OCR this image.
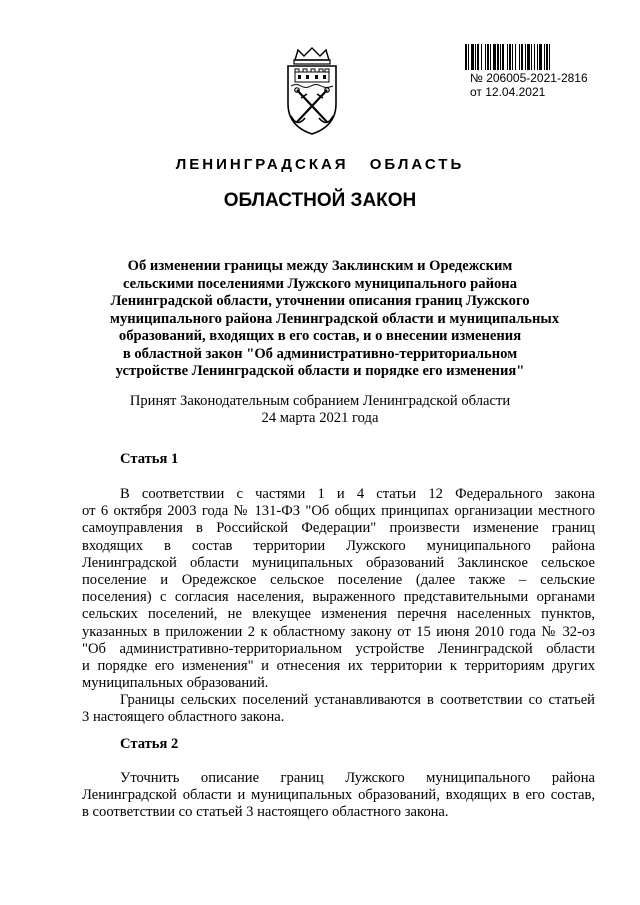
№ 206005-2021-2816
от 12.04.2021
ЛЕНИНГРАДСКАЯ ОБЛАСТЬ
ОБЛАСТНОЙ ЗАКОН
Об изменении границы между Заклинским и Оредежским
сельскими поселениями Лужского муниципального района
Ленинградской области, уточнении описания границ Лужского
муниципального района Ленинградской области и муниципальных
образований, входящих в его состав, и о внесении изменения
в областной закон "Об административно-территориальном
устройстве Ленинградской области и порядке его изменения"
Принят Законодательным собранием Ленинградской области
24 марта 2021 года
Статья 1
В соответствии с частями 1 и 4 статьи 12 Федерального закона
от 6 октября 2003 года № 131-ФЗ "Об общих принципах организации местного
самоуправления в Российской Федерации" произвести изменение границ
входящих в состав территории Лужского муниципального района
Ленинградской области муниципальных образований Заклинское сельское
поселение и Оредежское сельское поселение (далее также – сельские
поселения) с согласия населения, выраженного представительными органами
сельских поселений, не влекущее изменения перечня населенных пунктов,
указанных в приложении 2 к областному закону от 15 июня 2010 года № 32-оз
"Об административно-территориальном устройстве Ленинградской области
и порядке его изменения" и отнесения их территории к территориям других
муниципальных образований.
Границы сельских поселений устанавливаются в соответствии со статьей
3 настоящего областного закона.
Статья 2
Уточнить описание границ Лужского муниципального района
Ленинградской области и муниципальных образований, входящих в его состав,
в соответствии со статьей 3 настоящего областного закона.
